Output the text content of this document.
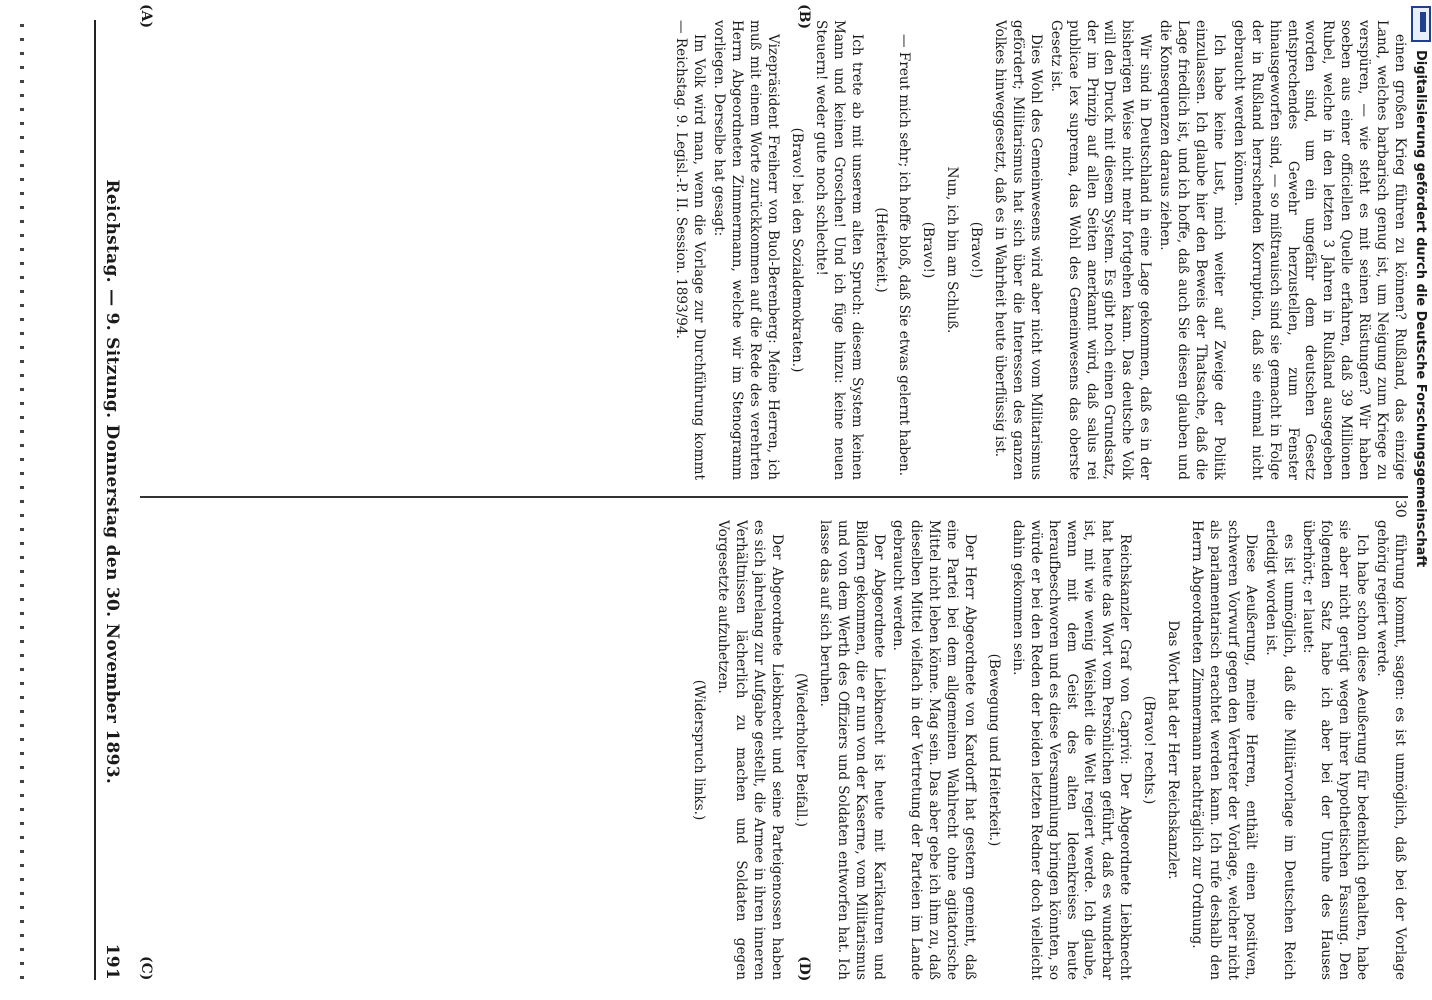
Digitalisierung gefördert durch die Deutsche Forschungsgemeinschaft
(A)	(B)
(C)	(D)

einen großen Krieg führen zu können? Rußland, das einzige Land, welches barbarisch genug ist, um Neigung zum Kriege zu verspüren, — wie steht es mit seinen Rüstungen? Wir haben soeben aus einer officiellen Quelle erfahren, daß 39 Millionen Rubel, welche in den letzten 3 Jahren in Rußland ausgegeben worden sind, um ein ungefähr dem deutschen Gesetz entsprechendes Gewehr herzustellen, zum Fenster hinausgeworfen sind, — so mißtrauisch sind sie gemacht in Folge der in Rußland herrschenden Korruption, daß sie einmal nicht gebraucht werden können.

Ich habe keine Lust, mich weiter auf Zweige der Politik einzulassen. Ich glaube hier den Beweis der Thatsache, daß die Lage friedlich ist, und ich hoffe, daß auch Sie diesen glauben und die Konsequenzen daraus ziehen.

Wir sind in Deutschland in eine Lage gekommen, daß es in der bisherigen Weise nicht mehr fortgehen kann. Das deutsche Volk will den Druck mit diesem System. Es gibt noch einen Grundsatz, der im Prinzip auf allen Seiten anerkannt wird, daß salus rei publicae lex suprema, das Wohl des Gemeinwesens das oberste Gesetz ist.

Dies Wohl des Gemeinwesens wird aber nicht vom Militarismus gefördert; Militarismus hat sich über die Interessen des ganzen Volkes hinweggesetzt, daß es in Wahrheit heute überflüssig ist.

(Bravo!)

Nun, ich bin am Schluß.

(Bravo!)

— Freut mich sehr; ich hoffe bloß, daß Sie etwas gelernt haben.

(Heiterkeit.)

Ich trete ab mit unserem alten Spruch: diesem System keinen Mann und keinen Groschen! Und ich füge hinzu: keine neuen Steuern! weder gute noch schlechte!

(Bravo! bei den Sozialdemokraten.)

Vizepräsident Freiherr von Buol-Berenberg: Meine Herren, ich muß mit einem Worte zurückkommen auf die Rede des verehrten Herrn Abgeordneten Zimmermann, welche wir im Stenogramm vorliegen. Derselbe hat gesagt:

Im Volk wird man, wenn die Vorlage zur Durchführung kommt — Reichstag. 9. Legisl.-P. II. Session. 1893/94.

führung kommt, sagen: es ist unmöglich, daß bei der Vorlage gehörig regiert werde.

Ich habe schon diese Aeußerung für bedenklich gehalten, habe sie aber nicht gerügt wegen ihrer hypothetischen Fassung. Den folgenden Satz habe ich aber bei der Unruhe des Hauses überhört; er lautet:

es ist unmöglich, daß die Militärvorlage im Deutschen Reich erledigt worden ist.

Diese Aeußerung, meine Herren, enthält einen positiven, schweren Vorwurf gegen den Vertreter der Vorlage, welcher nicht als parlamentarisch erachtet werden kann. Ich rufe deshalb den Herrn Abgeordneten Zimmermann nachträglich zur Ordnung.

Das Wort hat der Herr Reichskanzler.

(Bravo! rechts.)

Reichskanzler Graf von Caprivi: Der Abgeordnete Liebknecht hat heute das Wort vom Persönlichen geführt, daß es wunderbar ist, mit wie wenig Weisheit die Welt regiert werde. Ich glaube, wenn mit dem Geist des alten Ideenkreises heute heraufbeschworen und es diese Versammlung bringen könnten, so würde er bei den Reden der beiden letzten Redner doch vielleicht dahin gekommen sein.

(Bewegung und Heiterkeit.)

Der Herr Abgeordnete von Kardorff hat gestern gemeint, daß eine Partei bei dem allgemeinen Wahlrecht ohne agitatorische Mittel nicht leben könne. Mag sein. Das aber gebe ich ihm zu, daß dieselben Mittel vielfach in der Vertretung der Parteien im Lande gebraucht werden.

Der Abgeordnete Liebknecht ist heute mit Karikaturen und Bildern gekommen, die er nun von der Kaserne, vom Militarismus und von dem Werth des Offiziers und Soldaten entworfen hat. Ich lasse das auf sich beruhen.

(Wiederholter Beifall.)

Der Abgeordnete Liebknecht und seine Parteigenossen haben es sich jahrelang zur Aufgabe gestellt, die Armee in ihren inneren Verhältnissen lächerlich zu machen und Soldaten gegen Vorgesetzte aufzuhetzen.

(Widerspruch links.)

Reichstag. — 9. Sitzung. Donnerstag den 30. November 1893.
191
30
